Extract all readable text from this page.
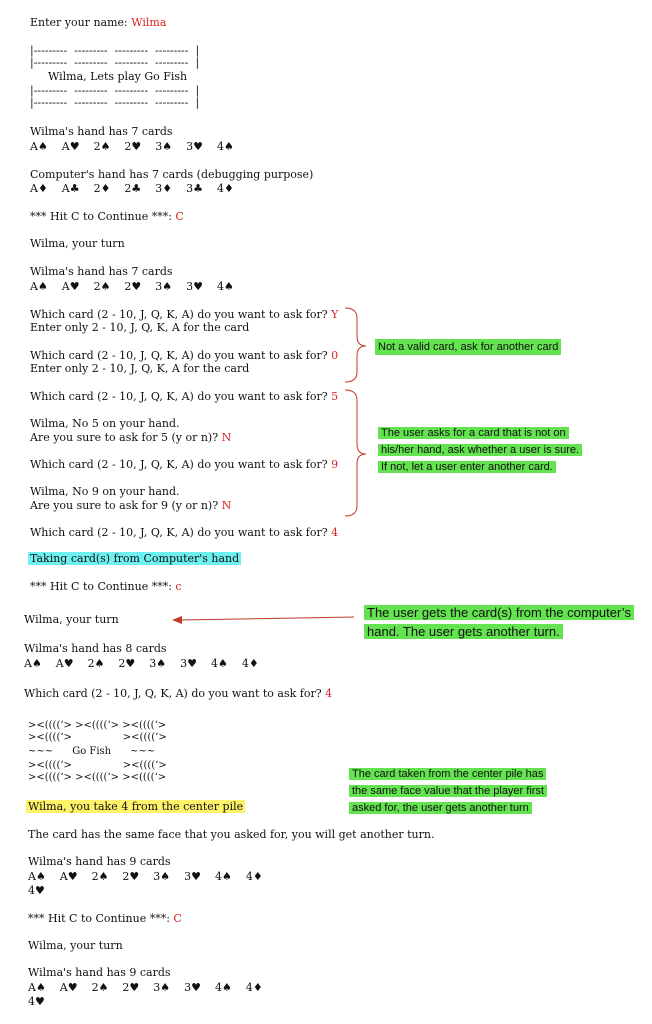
Enter your name: Wilma
|---------  ---------  ---------  ---------  |
|---------  ---------  ---------  ---------  |
Wilma, Lets play Go Fish
|---------  ---------  ---------  ---------  |
|---------  ---------  ---------  ---------  |
Wilma's hand has 7 cards
A♠    A♥    2♠    2♥    3♠    3♥    4♠
Computer's hand has 7 cards (debugging purpose)
A♦    A♣    2♦    2♣    3♦    3♣    4♦
*** Hit C to Continue ***: C
Wilma, your turn
Wilma's hand has 7 cards
A♠    A♥    2♠    2♥    3♠    3♥    4♠
Which card (2 - 10, J, Q, K, A) do you want to ask for? Y
Enter only 2 - 10, J, Q, K, A for the card
Which card (2 - 10, J, Q, K, A) do you want to ask for? 0
Enter only 2 - 10, J, Q, K, A for the card
Which card (2 - 10, J, Q, K, A) do you want to ask for? 5
Wilma, No 5 on your hand.
Are you sure to ask for 5 (y or n)? N
Which card (2 - 10, J, Q, K, A) do you want to ask for? 9
Wilma, No 9 on your hand.
Are you sure to ask for 9 (y or n)? N
Which card (2 - 10, J, Q, K, A) do you want to ask for? 4
Taking card(s) from Computer's hand
*** Hit C to Continue ***: c
Wilma, your turn
Wilma's hand has 8 cards
A♠    A♥    2♠    2♥    3♠    3♥    4♠    4♦
Which card (2 - 10, J, Q, K, A) do you want to ask for? 4
><((((‘> ><((((‘> ><((((‘>
><((((‘>                ><((((‘>
~~~      Go Fish      ~~~
><((((‘>                ><((((‘>
><((((‘> ><((((‘> ><((((‘>
Wilma, you take 4 from the center pile
The card has the same face that you asked for, you will get another turn.
Wilma's hand has 9 cards
A♠    A♥    2♠    2♥    3♠    3♥    4♠    4♦
4♥
*** Hit C to Continue ***: C
Wilma, your turn
Wilma's hand has 9 cards
A♠    A♥    2♠    2♥    3♠    3♥    4♠    4♦
4♥
Not a valid card, ask for another card
The user asks for a card that is not on
his/her hand, ask whether a user is sure.
If not, let a user enter another card.
The user gets the card(s) from the computer’s
hand. The user gets another turn.
The card taken from the center pile has
the same face value that the player first
asked for, the user gets another turn
